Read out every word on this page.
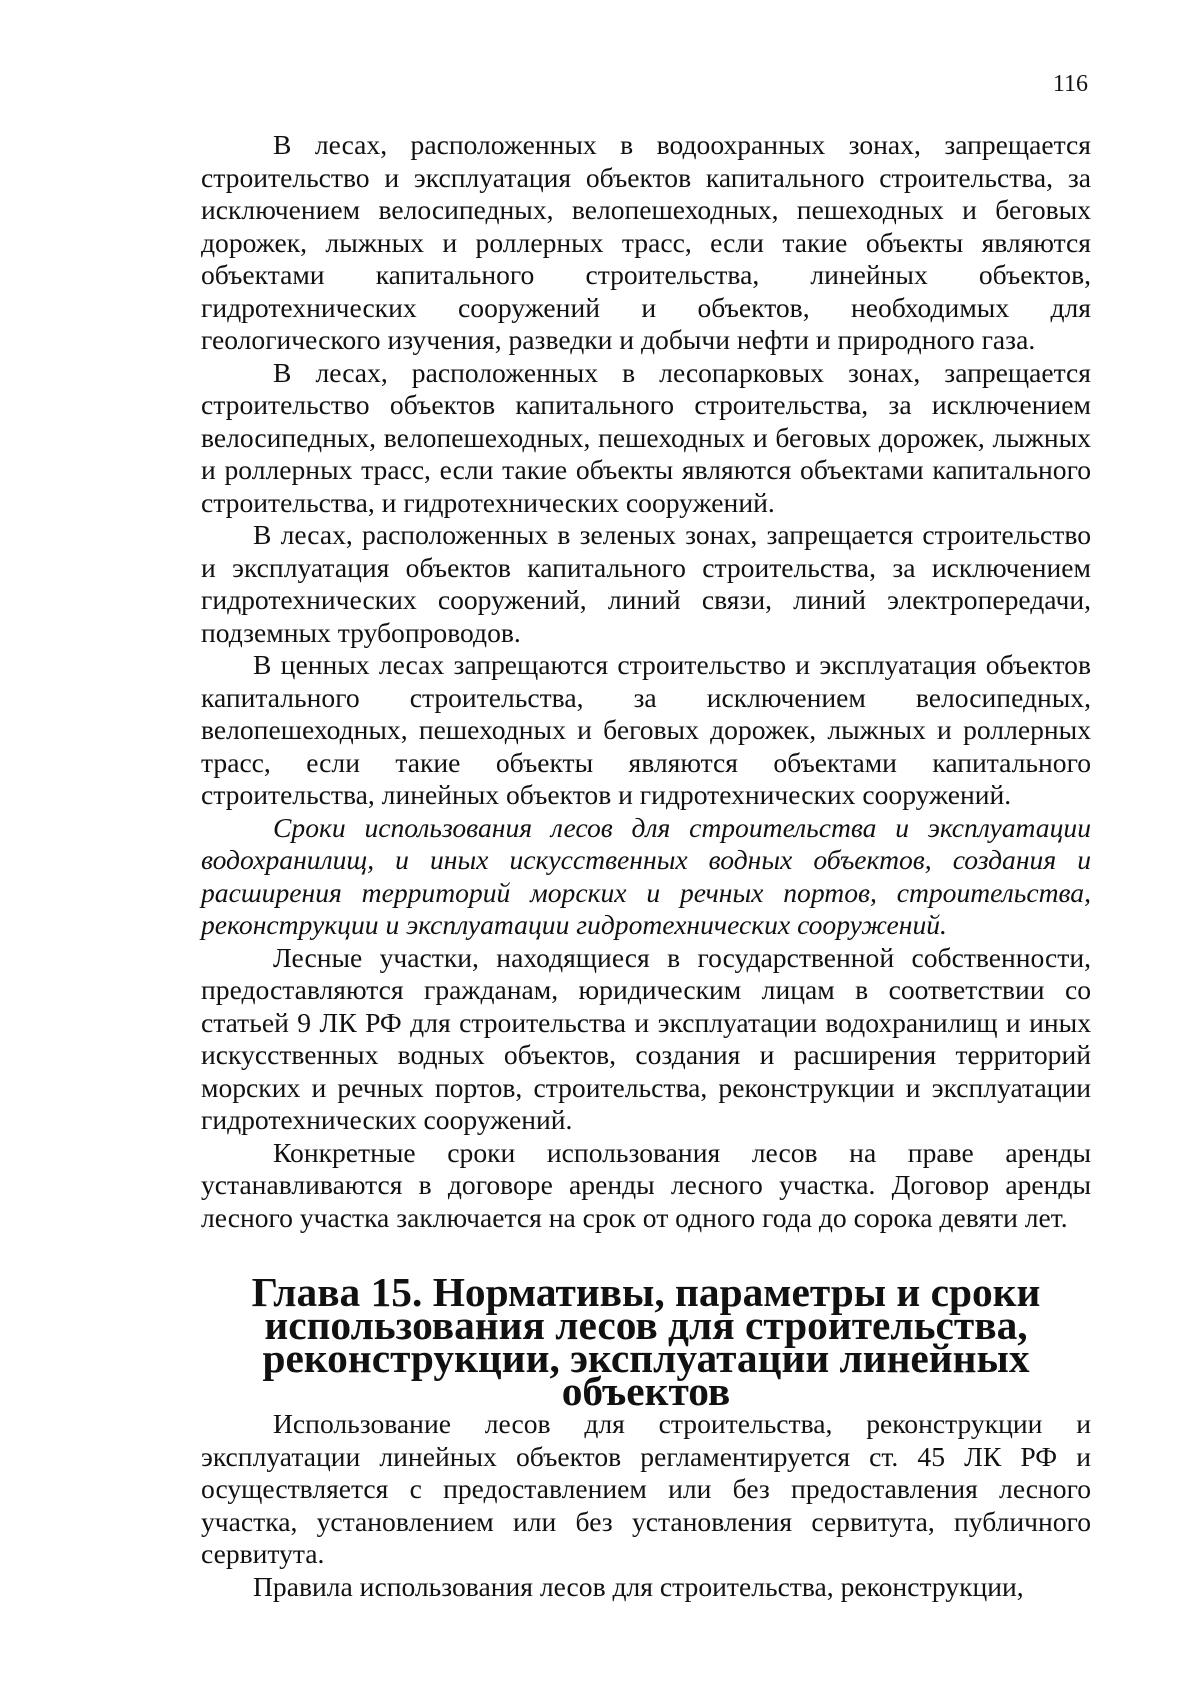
116

В лесах, расположенных в водоохранных зонах, запрещается строительство и эксплуатация объектов капитального строительства, за исключением велосипедных, велопешеходных, пешеходных и беговых дорожек, лыжных и роллерных трасс, если такие объекты являются объектами капитального строительства, линейных объектов, гидротехнических сооружений и объектов, необходимых для геологического изучения, разведки и добычи нефти и природного газа.

В лесах, расположенных в лесопарковых зонах, запрещается строительство объектов капитального строительства, за исключением велосипедных, велопешеходных, пешеходных и беговых дорожек, лыжных и роллерных трасс, если такие объекты являются объектами капитального строительства, и гидротехнических сооружений.

В лесах, расположенных в зеленых зонах, запрещается строительство и эксплуатация объектов капитального строительства, за исключением гидротехнических сооружений, линий связи, линий электропередачи, подземных трубопроводов.

В ценных лесах запрещаются строительство и эксплуатация объектов капитального строительства, за исключением велосипедных, велопешеходных, пешеходных и беговых дорожек, лыжных и роллерных трасс, если такие объекты являются объектами капитального строительства, линейных объектов и гидротехнических сооружений.

Сроки использования лесов для строительства и эксплуатации водохранилищ, и иных искусственных водных объектов, создания и расширения территорий морских и речных портов, строительства, реконструкции и эксплуатации гидротехнических сооружений.

Лесные участки, находящиеся в государственной собственности, предоставляются гражданам, юридическим лицам в соответствии со статьей 9 ЛК РФ для строительства и эксплуатации водохранилищ и иных искусственных водных объектов, создания и расширения территорий морских и речных портов, строительства, реконструкции и эксплуатации гидротехнических сооружений.

Конкретные сроки использования лесов на праве аренды устанавливаются в договоре аренды лесного участка. Договор аренды лесного участка заключается на срок от одного года до сорока девяти лет.

Глава 15. Нормативы, параметры и сроки использования лесов для строительства, реконструкции, эксплуатации линейных объектов

Использование лесов для строительства, реконструкции и эксплуатации линейных объектов регламентируется ст. 45 ЛК РФ и осуществляется с предоставлением или без предоставления лесного участка, установлением или без установления сервитута, публичного сервитута.

Правила использования лесов для строительства, реконструкции,
